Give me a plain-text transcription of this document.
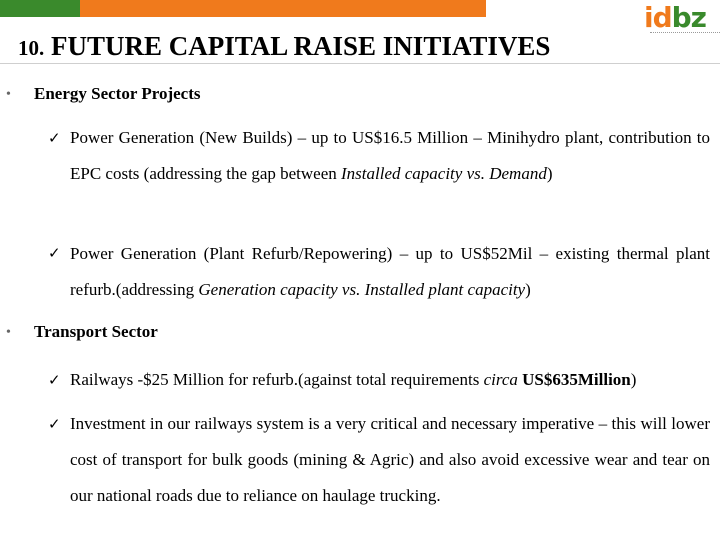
idbz
10. FUTURE CAPITAL RAISE INITIATIVES
• Energy Sector Projects
✓ Power Generation (New Builds) – up to US$16.5 Million – Minihydro plant, contribution to EPC costs (addressing the gap between Installed capacity vs. Demand)
✓ Power Generation (Plant Refurb/Repowering) – up to US$52Mil – existing thermal plant refurb.(addressing Generation capacity vs. Installed plant capacity)
• Transport Sector
✓ Railways -$25 Million for refurb.(against total requirements circa US$635Million)
✓ Investment in our railways system is a very critical and necessary imperative – this will lower cost of transport for bulk goods (mining & Agric) and also avoid excessive wear and tear on our national roads due to reliance on haulage trucking.
